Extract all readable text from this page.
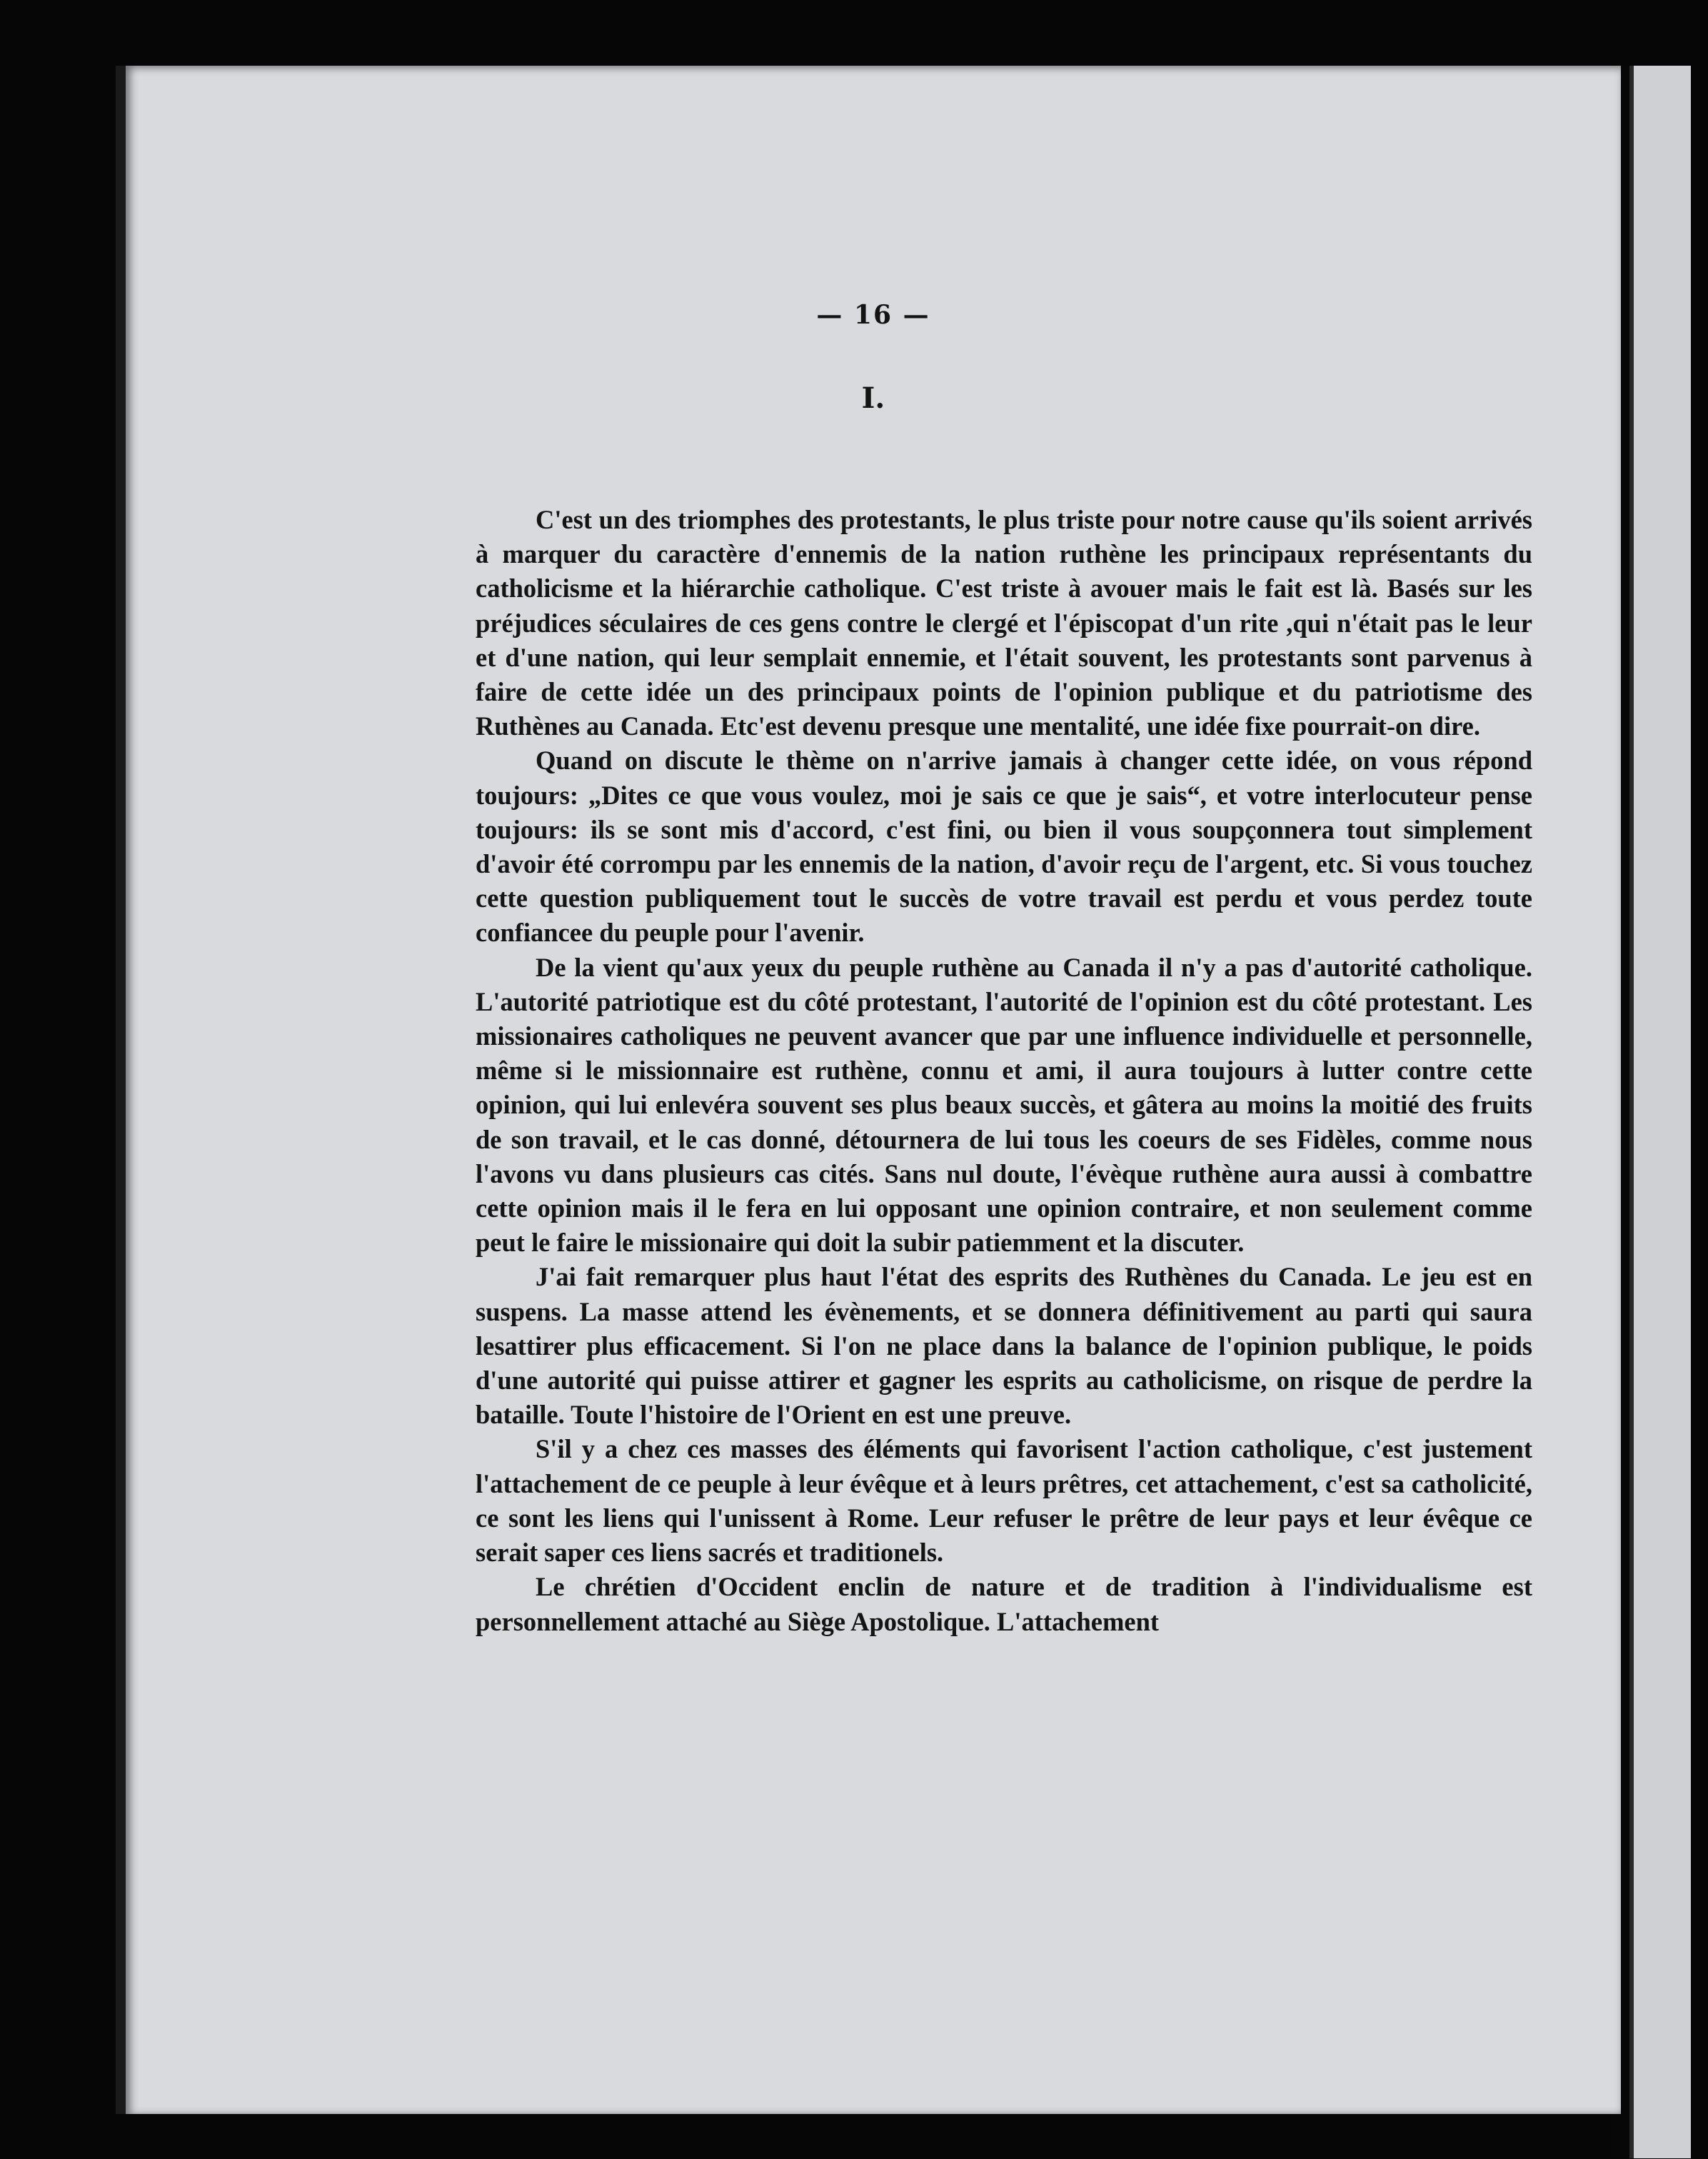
— 16 —
I.

C'est un des triomphes des protestants, le plus triste pour notre cause qu'ils soient arrivés à marquer du caractère d'ennemis de la nation ruthène les principaux représentants du catholicisme et la hiérarchie catholique. C'est triste à avouer mais le fait est là. Basés sur les préjudices séculaires de ces gens contre le clergé et l'épiscopat d'un rite ,qui n'était pas le leur et d'une nation, qui leur semplait ennemie, et l'était souvent, les protestants sont parvenus à faire de cette idée un des principaux points de l'opinion publique et du patriotisme des Ruthènes au Canada. Etc'est devenu presque une mentalité, une idée fixe pourrait-on dire.

Quand on discute le thème on n'arrive jamais à changer cette idée, on vous répond toujours: „Dites ce que vous voulez, moi je sais ce que je sais“, et votre interlocuteur pense toujours: ils se sont mis d'accord, c'est fini, ou bien il vous soupçonnera tout simplement d'avoir été corrompu par les ennemis de la nation, d'avoir reçu de l'argent, etc. Si vous touchez cette question publiquement tout le succès de votre travail est perdu et vous perdez toute confiancee du peuple pour l'avenir.

De la vient qu'aux yeux du peuple ruthène au Canada il n'y a pas d'autorité catholique. L'autorité patriotique est du côté protestant, l'autorité de l'opinion est du côté protestant. Les missionaires catholiques ne peuvent avancer que par une influence individuelle et personnelle, même si le missionnaire est ruthène, connu et ami, il aura toujours à lutter contre cette opinion, qui lui enlevéra souvent ses plus beaux succès, et gâtera au moins la moitié des fruits de son travail, et le cas donné, détournera de lui tous les coeurs de ses Fidèles, comme nous l'avons vu dans plusieurs cas cités. Sans nul doute, l'évèque ruthène aura aussi à combattre cette opinion mais il le fera en lui opposant une opinion contraire, et non seulement comme peut le faire le missionaire qui doit la subir patiemment et la discuter.

J'ai fait remarquer plus haut l'état des esprits des Ruthènes du Canada. Le jeu est en suspens. La masse attend les évènements, et se donnera définitivement au parti qui saura lesattirer plus efficacement. Si l'on ne place dans la balance de l'opinion publique, le poids d'une autorité qui puisse attirer et gagner les esprits au catholicisme, on risque de perdre la bataille. Toute l'histoire de l'Orient en est une preuve.

S'il y a chez ces masses des éléments qui favorisent l'action catholique, c'est justement l'attachement de ce peuple à leur évêque et à leurs prêtres, cet attachement, c'est sa catholicité, ce sont les liens qui l'unissent à Rome. Leur refuser le prêtre de leur pays et leur évêque ce serait saper ces liens sacrés et traditionels.

Le chrétien d'Occident enclin de nature et de tradition à l'individualisme est personnellement attaché au Siège Apostolique. L'attachement
